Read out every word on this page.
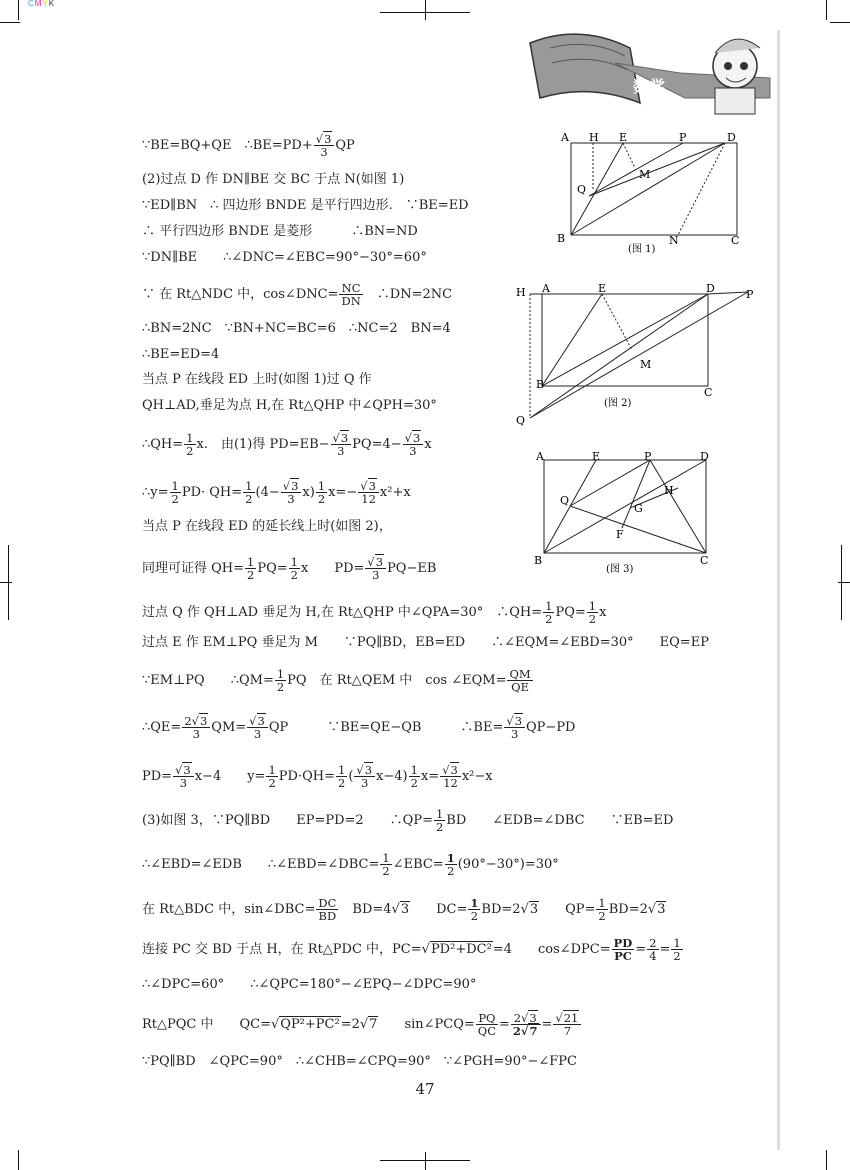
CMYK
数学
∵BE=BQ+QE　∴BE=PD+ $\frac{√3}{3}$ QP
(2)过点 D 作 DN∥BE 交 BC 于点 N(如图 1)
∵ED∥BN　∴ 四边形 BNDE 是平行四边形.　∵BE=ED
∴ 平行四边形 BNDE 是菱形　　　∴BN=ND
∵DN∥BE　　∴∠DNC=∠EBC=90°−30°=60°
∵ 在 Rt△NDC 中，cos∠DNC= $\frac{NC}{DN}$ 　∴DN=2NC
∴BN=2NC　∵BN+NC=BC=6　∴NC=2　BN=4
∴BE=ED=4
当点 P 在线段 ED 上时(如图 1)过 Q 作
QH⊥AD,垂足为点 H,在 Rt△QHP 中∠QPH=30°
∴QH= $\frac{1}{2} x$.　由(1)得 $PD=EB- \frac{√3}{3} PQ=4- \frac{√3}{3}$ x
∴y= $\frac{1}{2} PD\cdot QH= \frac{1}{2} (4- \frac{√3}{3} x) \frac{1}{2} x=- \frac{√3}{12} x^2+x$
当点 P 在线段 ED 的延长线上时(如图 2)，
同理可证得 $QH= \frac{1}{2} PQ= \frac{1}{2}$ x　　$PD= \frac{√3}{3} PQ-EB$
过点 Q 作 QH⊥AD 垂足为 H,在 Rt△QHP 中∠QPA=30°　∴QH= $\frac{1}{2} PQ= \frac{1}{2}$ x
过点 E 作 EM⊥PQ 垂足为 M　　∵PQ∥BD，EB=ED　　∴∠EQM=∠EBD=30°　　EQ=EP
∵EM⊥PQ　　∴QM= $\frac{1}{2}$ PQ　在 Rt△QEM 中　cos ∠EQM= $\frac{QM}{QE}$
∴QE= $\frac{2√3}{3} QM= \frac{√3}{3}$ QP　　　∵BE=QE−QB　　　∴BE= $\frac{√3}{3} QP-PD$
$PD= \frac{√3}{3} x-4$　　$y= \frac{1}{2} PD\cdot QH= \frac{1}{2}$ ( $\frac{√3}{3} x-4) \frac{1}{2} x= \frac{√3}{12} x^2-x$
(3)如图 3，∵PQ∥BD　　EP=PD=2　　∴QP= $\frac{1}{2}$ BD　　∠EDB=∠DBC　　∵EB=ED
∴∠EBD=∠EDB　　∴∠EBD=∠DBC= $\frac{1}{2}$ ∠EBC= $\frac{1}{2} (90^\circ-30^\circ)=30^\circ$
在 Rt△BDC 中，sin∠DBC= $\frac{DC}{BD}$ 　BD=4√3　　$DC= \frac{1}{2} BD=2√3$　　$QP= \frac{1}{2} BD=2√3$
连接 PC 交 BD 于点 H，在 Rt△PDC 中，PC=√PD²+DC²=4　　cos∠DPC= $\frac{PD}{PC} = \frac{2}{4} = \frac{1}{2}$
∴∠DPC=60°　　∴∠QPC=180°−∠EPQ−∠DPC=90°
Rt△PQC 中　　QC=√QP²+PC²=2√7　　sin∠PCQ= $\frac{PQ}{QC} = \frac{2√3}{2√7} = \frac{√21}{7}$
∵PQ∥BD　∠QPC=90°　∴∠CHB=∠CPQ=90°　∵∠PGH=90°−∠FPC
A H E	P	D
Q
M
B	N	C
(图 1)
H A	E	D	P
M
B
C
Q
(图 2)
A	E	P	D
Q
H
G
F
B	C
(图 3)
47
